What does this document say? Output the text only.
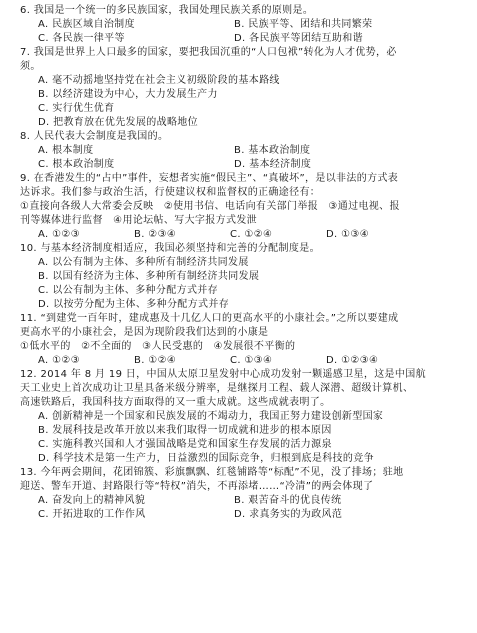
6. 我国是一个统一的多民族国家，我国处理民族关系的原则是。
A. 民族区域自治制度	B. 民族平等、团结和共同繁荣
C. 各民族一律平等	D. 各民族平等团结互助和谐
7. 我国是世界上人口最多的国家，要把我国沉重的“人口包袱”转化为人才优势，必
须。
A. 毫不动摇地坚持党在社会主义初级阶段的基本路线
B. 以经济建设为中心，大力发展生产力
C. 实行优生优育
D. 把教育放在优先发展的战略地位
8. 人民代表大会制度是我国的。
A. 根本制度	B. 基本政治制度
C. 根本政治制度	D. 基本经济制度
9. 在香港发生的“占中”事件，妄想者实施“假民主”、“真破坏”，是以非法的方式表
达诉求。我们参与政治生活，行使建议权和监督权的正确途径有：
①直接向各级人大常委会反映　②使用书信、电话向有关部门举报　③通过电视、报
刊等媒体进行监督　④用论坛帖、写大字报方式发泄
A. ①②③	B. ②③④	C. ①②④	D. ①③④
10. 与基本经济制度相适应，我国必须坚持和完善的分配制度是。
A. 以公有制为主体、多种所有制经济共同发展
B. 以国有经济为主体、多种所有制经济共同发展
C. 以公有制为主体、多种分配方式并存
D. 以按劳分配为主体、多种分配方式并存
11. “到建党一百年时，建成惠及十几亿人口的更高水平的小康社会。”之所以要建成
更高水平的小康社会，是因为现阶段我们达到的小康是
①低水平的　②不全面的　③人民受惠的　④发展很不平衡的
A. ①②③	B. ①②④	C. ①③④	D. ①②③④
12. 2014 年 8 月 19 日，中国从太原卫星发射中心成功发射一颗遥感卫星，这是中国航
天工业史上首次成功让卫星具备米级分辨率，是继探月工程、载人深潜、超级计算机、
高速铁路后，我国科技方面取得的又一重大成就。这些成就表明了。
A. 创新精神是一个国家和民族发展的不竭动力，我国正努力建设创新型国家
B. 发展科技是改革开放以来我们取得一切成就和进步的根本原因
C. 实施科教兴国和人才强国战略是党和国家生存发展的活力源泉
D. 科学技术是第一生产力，日益激烈的国际竞争，归根到底是科技的竞争
13. 今年两会期间，花团锦簇、彩旗飘飘、红毯铺路等“标配”不见，没了排场；驻地
迎送、警车开道、封路限行等“特权”消失，不再添堵……“冷清”的两会体现了
A. 奋发向上的精神风貌	B. 艰苦奋斗的优良传统
C. 开拓进取的工作作风	D. 求真务实的为政风范
